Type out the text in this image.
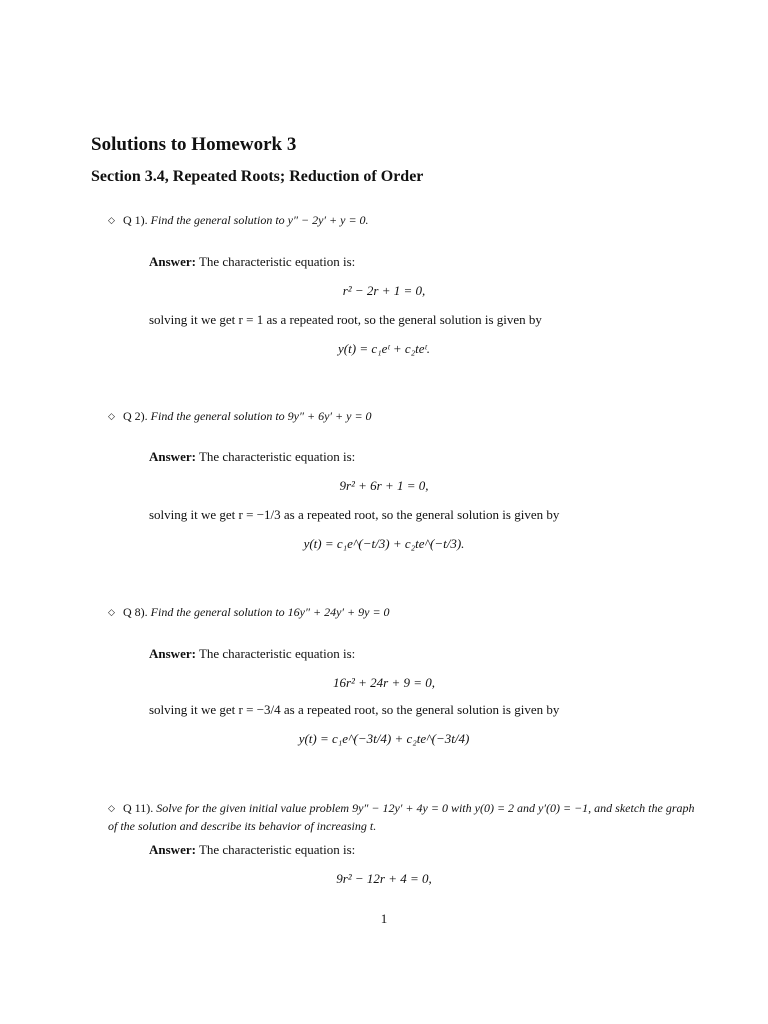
Solutions to Homework 3
Section 3.4, Repeated Roots; Reduction of Order
◇ Q 1). Find the general solution to y″ − 2y′ + y = 0.
Answer: The characteristic equation is:
r² − 2r + 1 = 0,
solving it we get r = 1 as a repeated root, so the general solution is given by
y(t) = c₁eᵗ + c₂teᵗ.
◇ Q 2). Find the general solution to 9y″ + 6y′ + y = 0
Answer: The characteristic equation is:
9r² + 6r + 1 = 0,
solving it we get r = −1/3 as a repeated root, so the general solution is given by
y(t) = c₁e^(−t/3) + c₂te^(−t/3).
◇ Q 8). Find the general solution to 16y″ + 24y′ + 9y = 0
Answer: The characteristic equation is:
16r² + 24r + 9 = 0,
solving it we get r = −3/4 as a repeated root, so the general solution is given by
y(t) = c₁e^(−3t/4) + c₂te^(−3t/4)
◇ Q 11). Solve for the given initial value problem 9y″ − 12y′ + 4y = 0 with y(0) = 2 and y′(0) = −1, and sketch the graph of the solution and describe its behavior of increasing t.
Answer: The characteristic equation is:
9r² − 12r + 4 = 0,
1
